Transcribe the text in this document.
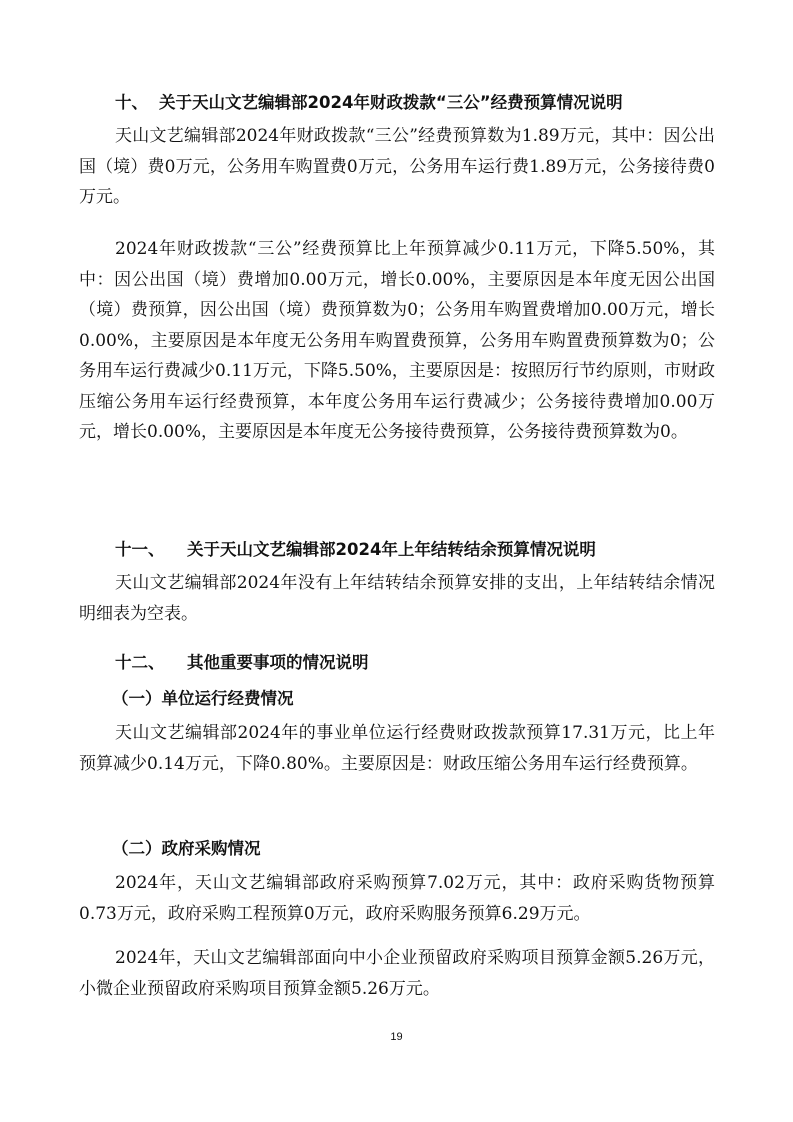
十、 关于天山文艺编辑部2024年财政拨款“三公”经费预算情况说明

天山文艺编辑部2024年财政拨款“三公”经费预算数为1.89万元，其中：因公出国（境）费0万元，公务用车购置费0万元，公务用车运行费1.89万元，公务接待费0万元。

2024年财政拨款“三公”经费预算比上年预算减少0.11万元，下降5.50%，其中：因公出国（境）费增加0.00万元，增长0.00%，主要原因是本年度无因公出国（境）费预算，因公出国（境）费预算数为0；公务用车购置费增加0.00万元，增长0.00%，主要原因是本年度无公务用车购置费预算，公务用车购置费预算数为0；公务用车运行费减少0.11万元，下降5.50%，主要原因是：按照厉行节约原则，市财政压缩公务用车运行经费预算，本年度公务用车运行费减少；公务接待费增加0.00万元，增长0.00%，主要原因是本年度无公务接待费预算，公务接待费预算数为0。

十一、 关于天山文艺编辑部2024年上年结转结余预算情况说明

天山文艺编辑部2024年没有上年结转结余预算安排的支出，上年结转结余情况明细表为空表。

十二、 其他重要事项的情况说明
（一）单位运行经费情况

天山文艺编辑部2024年的事业单位运行经费财政拨款预算17.31万元，比上年预算减少0.14万元，下降0.80%。主要原因是：财政压缩公务用车运行经费预算。

（二）政府采购情况

2024年，天山文艺编辑部政府采购预算7.02万元，其中：政府采购货物预算0.73万元，政府采购工程预算0万元，政府采购服务预算6.29万元。

2024年，天山文艺编辑部面向中小企业预留政府采购项目预算金额5.26万元，小微企业预留政府采购项目预算金额5.26万元。

19
